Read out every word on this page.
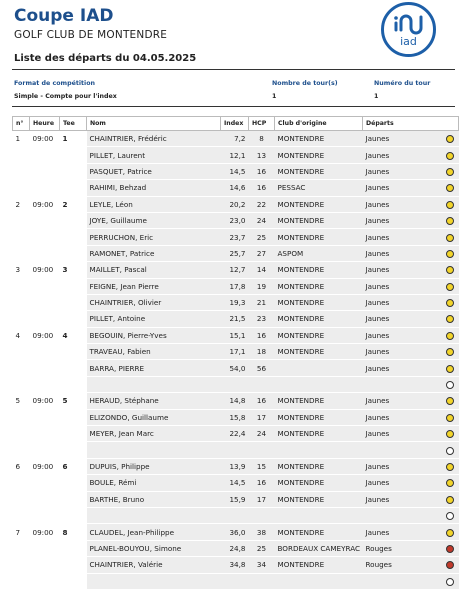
Coupe IAD
GOLF CLUB DE MONTENDRE
Liste des départs du 04.05.2025
iad
Format de compétition	Nombre de tour(s)	Numéro du tour
Simple - Compte pour l'index	1	1
n°	Heure	Tee	Nom	Index	HCP	Club d'origine	Départs	
1	09:00	1	CHAINTRIER, Frédéric	7,2	8	MONTENDRE	Jaunes	
			PILLET, Laurent	12,1	13	MONTENDRE	Jaunes	
			PASQUET, Patrice	14,5	16	MONTENDRE	Jaunes	
			RAHIMI, Behzad	14,6	16	PESSAC	Jaunes	
2	09:00	2	LEYLE, Léon	20,2	22	MONTENDRE	Jaunes	
			JOYE, Guillaume	23,0	24	MONTENDRE	Jaunes	
			PERRUCHON, Eric	23,7	25	MONTENDRE	Jaunes	
			RAMONET, Patrice	25,7	27	ASPOM	Jaunes	
3	09:00	3	MAILLET, Pascal	12,7	14	MONTENDRE	Jaunes	
			FEIGNE, Jean Pierre	17,8	19	MONTENDRE	Jaunes	
			CHAINTRIER, Olivier	19,3	21	MONTENDRE	Jaunes	
			PILLET, Antoine	21,5	23	MONTENDRE	Jaunes	
4	09:00	4	BEGOUIN, Pierre-Yves	15,1	16	MONTENDRE	Jaunes	
			TRAVEAU, Fabien	17,1	18	MONTENDRE	Jaunes	
			BARRA, PIERRE	54,0	56		Jaunes	

5	09:00	5	HERAUD, Stéphane	14,8	16	MONTENDRE	Jaunes	
			ELIZONDO, Guillaume	15,8	17	MONTENDRE	Jaunes	
			MEYER, Jean Marc	22,4	24	MONTENDRE	Jaunes	

6	09:00	6	DUPUIS, Philippe	13,9	15	MONTENDRE	Jaunes	
			BOULE, Rémi	14,5	16	MONTENDRE	Jaunes	
			BARTHE, Bruno	15,9	17	MONTENDRE	Jaunes	

7	09:00	8	CLAUDEL, Jean-Philippe	36,0	38	MONTENDRE	Jaunes	
			PLANEL-BOUYOU, Simone	24,8	25	BORDEAUX CAMEYRAC	Rouges	
			CHAINTRIER, Valérie	34,8	34	MONTENDRE	Rouges	
